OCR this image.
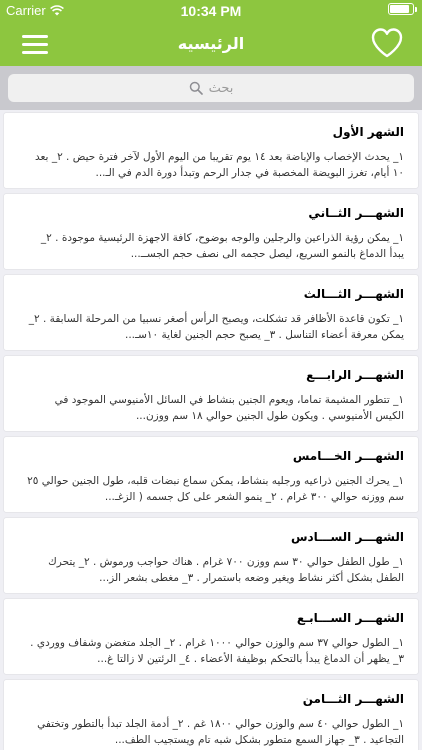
Carrier	10:34 PM
الرئيسيه
بحث
الشهر الأول
١_ يحدث الإخصاب والإباضة بعد ١٤ يوم تقريبا من اليوم الأول لآخر فترة حيض . ٢_ بعد ١٠ أيام، تغرز البويضة المخصبة في جدار الرحم وتبدأ دورة الدم في الـ...
الشهـــر الثــاني
١_ يمكن رؤية الذراعين والرجلين والوجه بوضوح، كافة الاجهزة الرئيسية موجودة . ٢_ يبدأ الدماغ بالنمو السريع، ليصل حجمه الى نصف حجم الجســ...
الشهـــر الثـــالث
١_ تكون قاعدة الأظافر قد تشكلت، ويصبح الرأس أصغر نسبيا من المرحلة السابقة . ٢_ يمكن معرفة أعضاء التناسل . ٣_ يصبح حجم الجنين لغاية ١٠سـ...
الشهـــر الرابـــع
١_ تتطور المشيمة تماما، ويعوم الجنين بنشاط في السائل الأمنيوسي الموجود في الكيس الأمنيوسي . ويكون طول الجنين حوالي ١٨ سم ووزن...
الشهـــر الخـــامس
١_ يحرك الجنين ذراعيه ورجليه بنشاط، يمكن سماع نبضات قلبه، طول الجنين حوالي ٢٥ سم ووزنه حوالي ٣٠٠ غرام . ٢_ ينمو الشعر على كل جسمه ( الزغـ...
الشهـــر الســـادس
١_ طول الطفل حوالي ٣٠ سم ووزن ٧٠٠ غرام . هناك حواجب ورموش . ٢_ يتحرك الطفل بشكل أكثر نشاط ويغير وضعه باستمرار . ٣_ مغطى بشعر الز...
الشهـــر الســـابـع
١_ الطول حوالي ٣٧ سم والوزن حوالي ١٠٠٠ غرام . ٢_ الجلد متغضن وشفاف ووردي . ٣_ يظهر أن الدماغ يبدأ بالتحكم بوظيفة الأعضاء . ٤_ الرئتين لا زالتا غ...
الشهـــر الثـــامن
١_ الطول حوالي ٤٠ سم والوزن حوالي ١٨٠٠ غم . ٢_ أدمة الجلد تبدأ بالتطور وتختفي التجاعيد . ٣_ جهاز السمع متطور بشكل شبه تام ويستجيب الطف...
